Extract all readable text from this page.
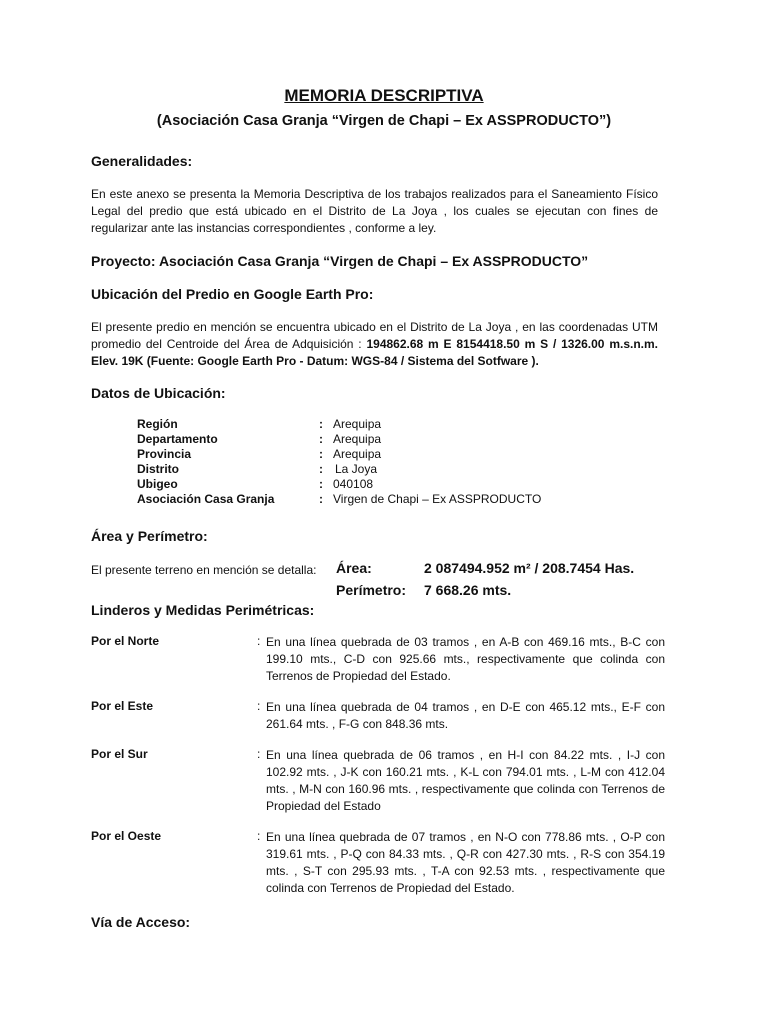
MEMORIA DESCRIPTIVA
(Asociación Casa Granja “Virgen de Chapi – Ex ASSPRODUCTO”)
Generalidades:
En este anexo se presenta la Memoria Descriptiva de los trabajos realizados para el Saneamiento Físico Legal del predio que está ubicado en el Distrito de La Joya , los cuales se ejecutan con fines de regularizar ante las instancias correspondientes , conforme a ley.
Proyecto: Asociación Casa Granja “Virgen de Chapi – Ex ASSPRODUCTO”
Ubicación del Predio en Google Earth Pro:
El presente predio en mención se encuentra ubicado en el Distrito de La Joya , en las coordenadas UTM promedio del Centroide del Área de Adquisición : 194862.68 m E 8154418.50 m S / 1326.00 m.s.n.m. Elev. 19K (Fuente: Google Earth Pro - Datum: WGS-84 / Sistema del Sotfware ).
Datos de Ubicación:
Región	: Arequipa
Departamento	: Arequipa
Provincia	: Arequipa
Distrito	: La Joya
Ubigeo	: 040108
Asociación Casa Granja	: Virgen de Chapi – Ex ASSPRODUCTO
Área y Perímetro:
El presente terreno en mención se detalla: Área:	2 087494.952 m² / 208.7454 Has.
Perímetro: 7 668.26 mts.
Linderos y Medidas Perimétricas:
Por el Norte	: En una línea quebrada de 03 tramos , en A-B con 469.16 mts., B-C con 199.10 mts., C-D con 925.66 mts., respectivamente que colinda con Terrenos de Propiedad del Estado.
Por el Este	: En una línea quebrada de 04 tramos , en D-E con 465.12 mts., E-F con 261.64 mts. , F-G con 848.36 mts.
Por el Sur	: En una línea quebrada de 06 tramos , en H-I con 84.22 mts. , I-J con 102.92 mts. , J-K con 160.21 mts. , K-L con 794.01 mts. , L-M con 412.04 mts. , M-N con 160.96 mts. , respectivamente que colinda con Terrenos de Propiedad del Estado
Por el Oeste	: En una línea quebrada de 07 tramos , en N-O con 778.86 mts. , O-P con 319.61 mts. , P-Q con 84.33 mts. , Q-R con 427.30 mts. , R-S con 354.19 mts. , S-T con 295.93 mts. , T-A con 92.53 mts. , respectivamente que colinda con Terrenos de Propiedad del Estado.
Vía de Acceso:
